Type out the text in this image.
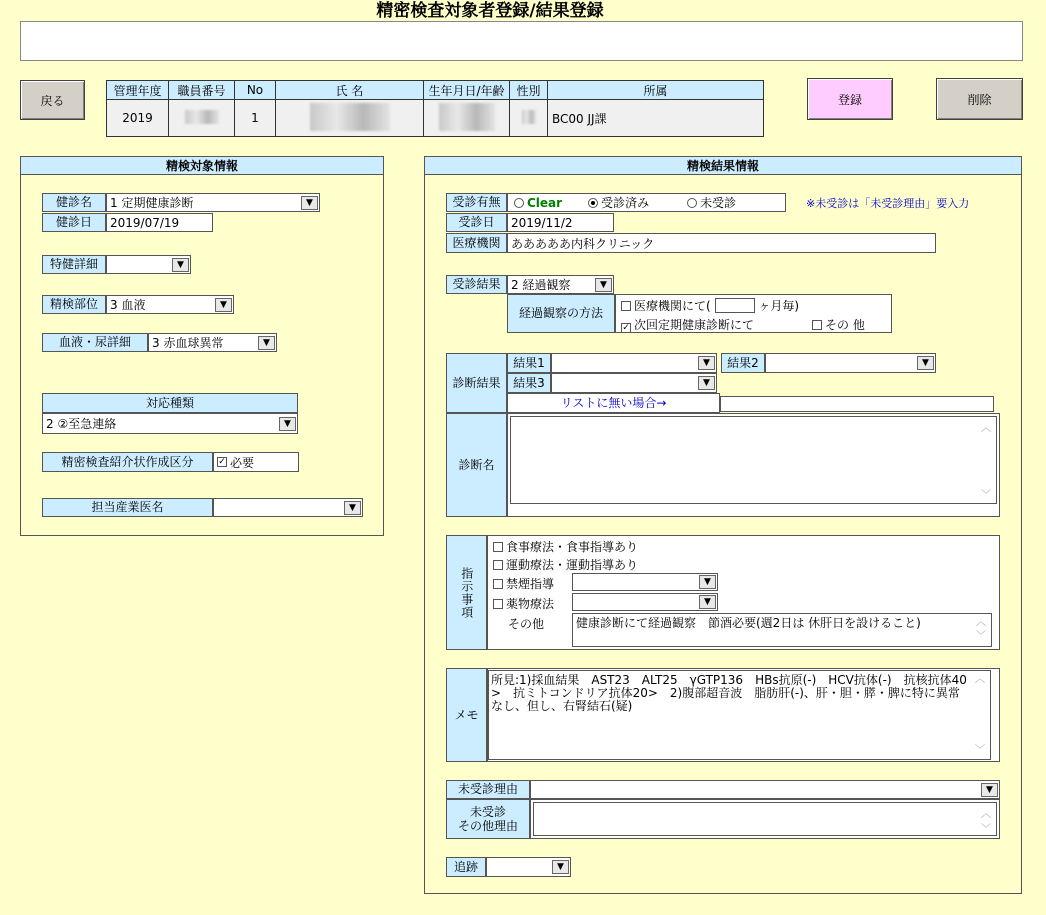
精密検査対象者登録/結果登録
戻る	登録	削除
管理年度	職員番号	No	氏 名	生年月日/年齢	性別	所属
2019		1				BC00 JJ課
精検対象情報
健診名	1 定期健康診断	▼
健診日	2019/07/19
特健詳細	▼
精検部位	3 血液	▼
血液・尿詳細	3 赤血球異常	▼
対応種類
2 ②至急連絡	▼
精密検査紹介状作成区分	✓ 必要
担当産業医名	▼
精検結果情報
受診有無	Clear	受診済み	未受診	※未受診は「未受診理由」要入力
受診日	2019/11/2
医療機関 あああああ内科クリニック
受診結果 2 経過観察	▼
経過観察の方法
医療機関にて(	ヶ月毎)
✓ 次回定期健康診断にて	その 他
診断結果
結果1	▼	結果2	▼
結果3	▼
リストに無い場合→
診断名
︿
﹀
指示事項
食事療法・食事指導あり
運動療法・運動指導あり
禁煙指導	▼
薬物療法	▼
その他	健康診断にて経過観察　節酒必要(週2日は 休肝日を設けること)	︿
﹀
メモ
所見:1)採血結果　AST23　ALT25　γGTP136　HBs抗原(-)　HCV抗体(-)　抗核抗体40>　抗ミトコンドリア抗体20>　2)腹部超音波　脂肪肝(-)、肝・胆・膵・脾に特に異常なし、但し、右腎結石(疑)
︿
﹀
未受診理由	▼
未受診
その他理由
︿
﹀
追跡	▼
